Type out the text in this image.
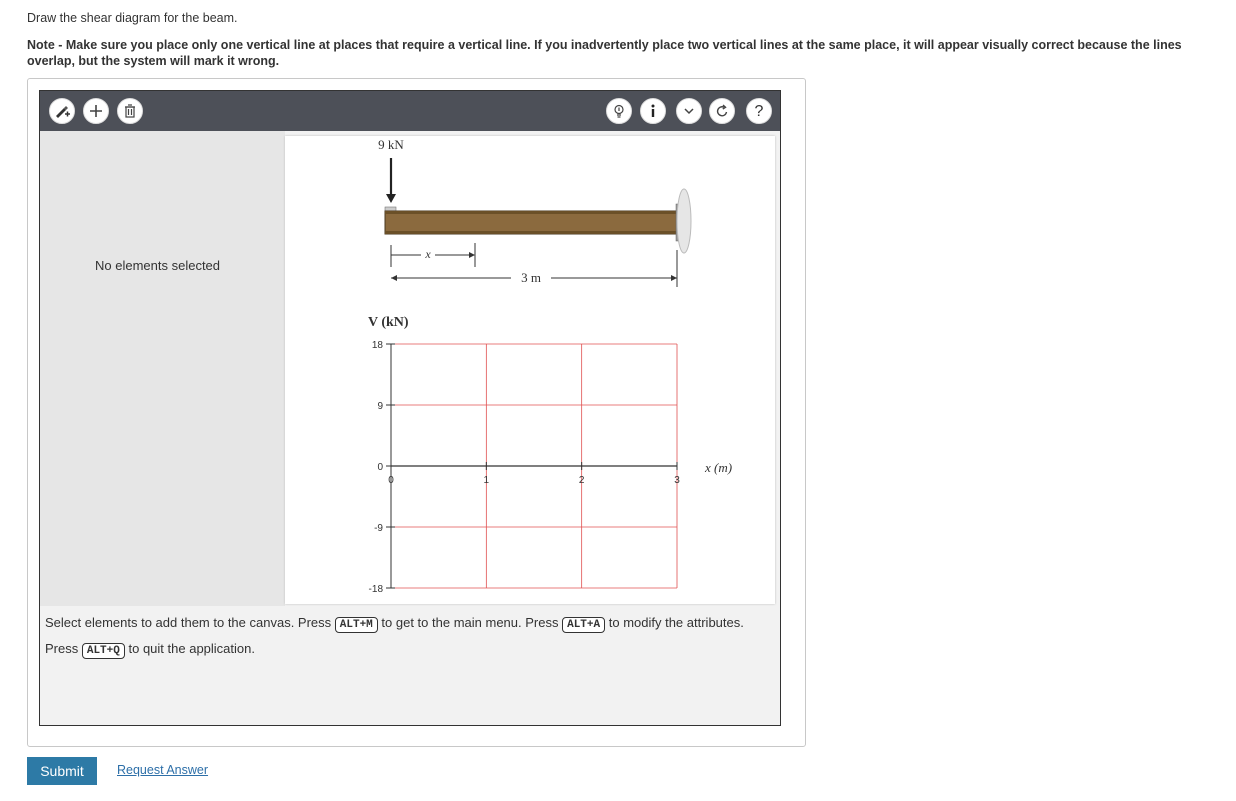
Draw the shear diagram for the beam.
Note - Make sure you place only one vertical line at places that require a vertical line. If you inadvertently place two vertical lines at the same place, it will appear visually correct because the lines overlap, but the system will mark it wrong.
?
No elements selected
9 kN
x
3 m
V (kN)
x (m)
18
9
0
-9
-18
0	1	2	3
Select elements to add them to the canvas. Press ALT+M to get to the main menu. Press ALT+A to modify the attributes. Press ALT+Q to quit the application.
Submit	Request Answer
